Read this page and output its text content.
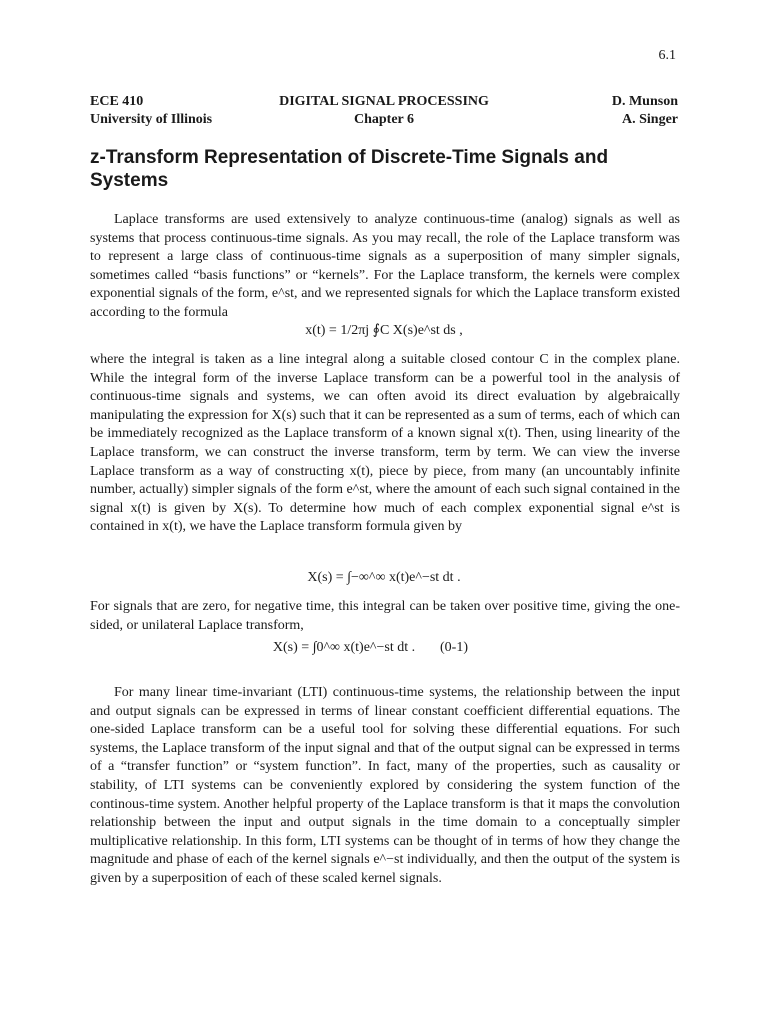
6.1
ECE 410	DIGITAL SIGNAL PROCESSING	D. Munson
University of Illinois	Chapter 6	A. Singer
z-Transform Representation of Discrete-Time Signals and Systems

Laplace transforms are used extensively to analyze continuous-time (analog) signals as well as systems that process continuous-time signals. As you may recall, the role of the Laplace transform was to represent a large class of continuous-time signals as a superposition of many simpler signals, sometimes called “basis functions” or “kernels”. For the Laplace transform, the kernels were complex exponential signals of the form, e^st, and we represented signals for which the Laplace transform existed according to the formula

x(t) = 1/2πj ∮C X(s)e^st ds ,

where the integral is taken as a line integral along a suitable closed contour C in the complex plane. While the integral form of the inverse Laplace transform can be a powerful tool in the analysis of continuous-time signals and systems, we can often avoid its direct evaluation by algebraically manipulating the expression for X(s) such that it can be represented as a sum of terms, each of which can be immediately recognized as the Laplace transform of a known signal x(t). Then, using linearity of the Laplace transform, we can construct the inverse transform, term by term. We can view the inverse Laplace transform as a way of constructing x(t), piece by piece, from many (an uncountably infinite number, actually) simpler signals of the form e^st, where the amount of each such signal contained in the signal x(t) is given by X(s). To determine how much of each complex exponential signal e^st is contained in x(t), we have the Laplace transform formula given by

X(s) = ∫−∞^∞ x(t)e^−st dt .

For signals that are zero, for negative time, this integral can be taken over positive time, giving the one-sided, or unilateral Laplace transform,

X(s) = ∫0^∞ x(t)e^−st dt .	(0-1)

For many linear time-invariant (LTI) continuous-time systems, the relationship between the input and output signals can be expressed in terms of linear constant coefficient differential equations. The one-sided Laplace transform can be a useful tool for solving these differential equations. For such systems, the Laplace transform of the input signal and that of the output signal can be expressed in terms of a “transfer function” or “system function”. In fact, many of the properties, such as causality or stability, of LTI systems can be conveniently explored by considering the system function of the continous-time system. Another helpful property of the Laplace transform is that it maps the convolution relationship between the input and output signals in the time domain to a conceptually simpler multiplicative relationship. In this form, LTI systems can be thought of in terms of how they change the magnitude and phase of each of the kernel signals e^−st individually, and then the output of the system is given by a superposition of each of these scaled kernel signals.
